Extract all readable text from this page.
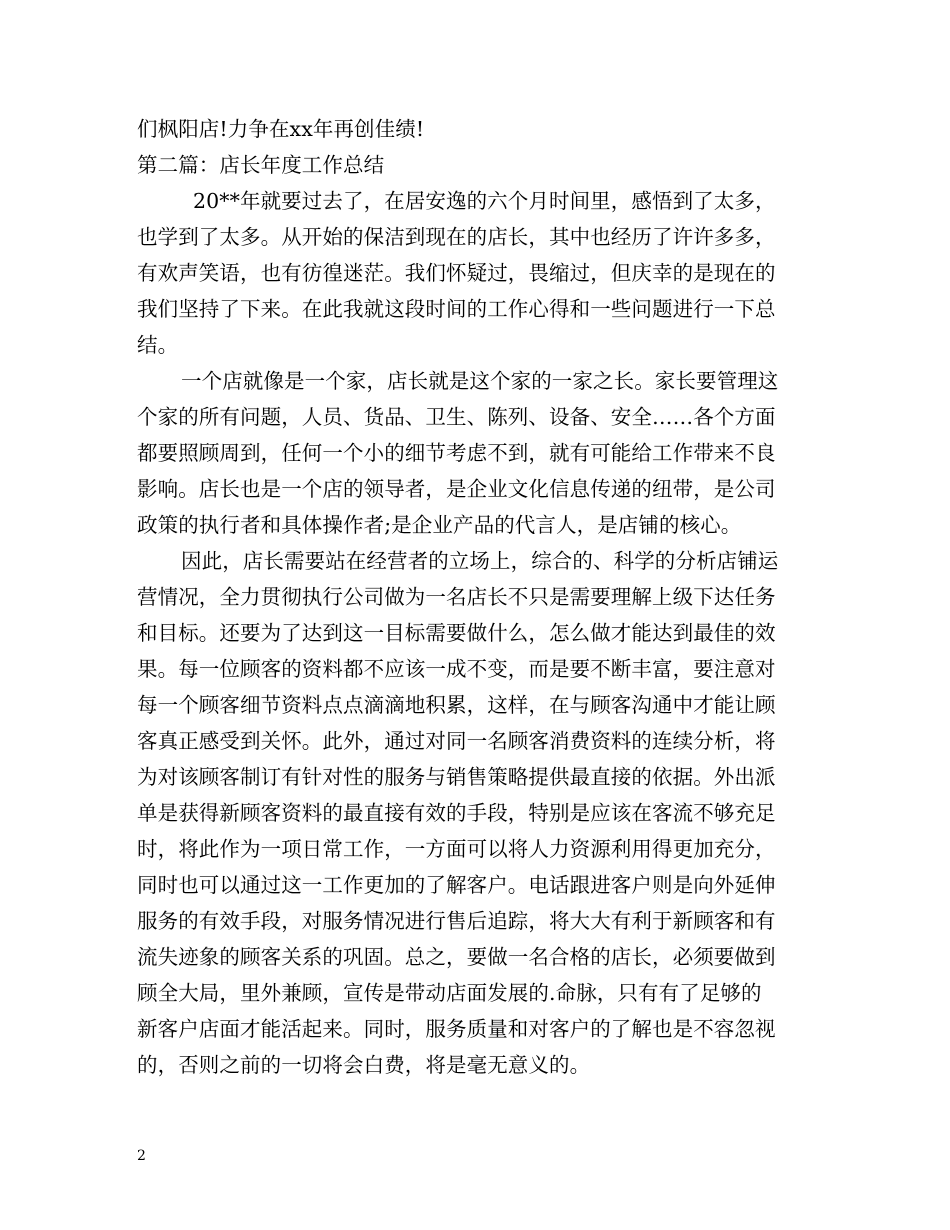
们枫阳店!力争在xx年再创佳绩!
第二篇：店长年度工作总结
20**年就要过去了，在居安逸的六个月时间里，感悟到了太多，
也学到了太多。从开始的保洁到现在的店长，其中也经历了许许多多，
有欢声笑语，也有彷徨迷茫。我们怀疑过，畏缩过，但庆幸的是现在的
我们坚持了下来。在此我就这段时间的工作心得和一些问题进行一下总
结。
一个店就像是一个家，店长就是这个家的一家之长。家长要管理这
个家的所有问题，人员、货品、卫生、陈列、设备、安全……各个方面
都要照顾周到，任何一个小的细节考虑不到，就有可能给工作带来不良
影响。店长也是一个店的领导者，是企业文化信息传递的纽带，是公司
政策的执行者和具体操作者;是企业产品的代言人，是店铺的核心。
因此，店长需要站在经营者的立场上，综合的、科学的分析店铺运
营情况，全力贯彻执行公司做为一名店长不只是需要理解上级下达任务
和目标。还要为了达到这一目标需要做什么，怎么做才能达到最佳的效
果。每一位顾客的资料都不应该一成不变，而是要不断丰富，要注意对
每一个顾客细节资料点点滴滴地积累，这样，在与顾客沟通中才能让顾
客真正感受到关怀。此外，通过对同一名顾客消费资料的连续分析，将
为对该顾客制订有针对性的服务与销售策略提供最直接的依据。外出派
单是获得新顾客资料的最直接有效的手段，特别是应该在客流不够充足
时，将此作为一项日常工作，一方面可以将人力资源利用得更加充分，
同时也可以通过这一工作更加的了解客户。电话跟进客户则是向外延伸
服务的有效手段，对服务情况进行售后追踪，将大大有利于新顾客和有
流失迹象的顾客关系的巩固。总之，要做一名合格的店长，必须要做到
顾全大局，里外兼顾，宣传是带动店面发展的.命脉，只有有了足够的
新客户店面才能活起来。同时，服务质量和对客户的了解也是不容忽视
的，否则之前的一切将会白费，将是毫无意义的。
2
